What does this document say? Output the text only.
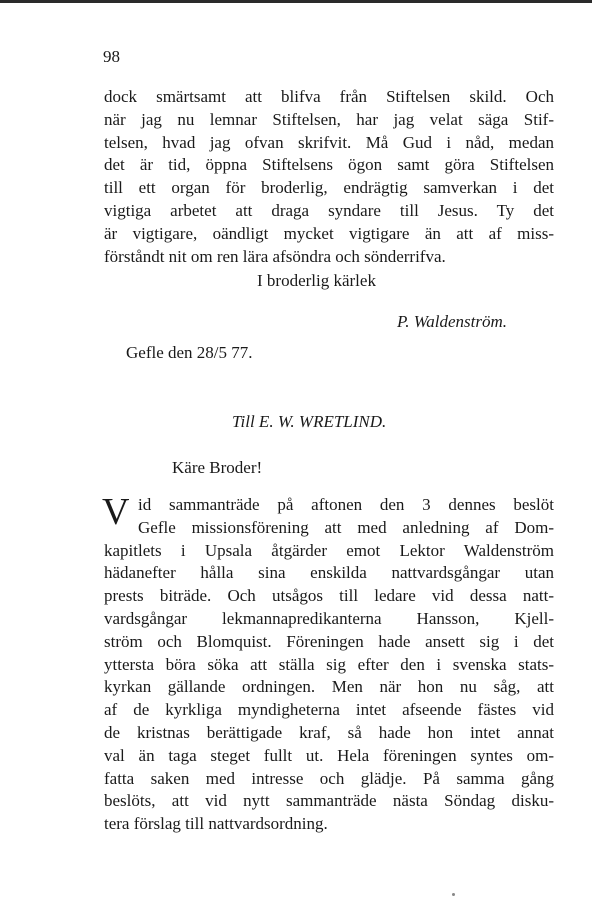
98

dock smärtsamt att blifva från Stiftelsen skild. Och

när jag nu lemnar Stiftelsen, har jag velat säga Stif-

telsen, hvad jag ofvan skrifvit. Må Gud i nåd, medan

det är tid, öppna Stiftelsens ögon samt göra Stiftelsen

till ett organ för broderlig, endrägtig samverkan i det

vigtiga arbetet att draga syndare till Jesus. Ty det

är vigtigare, oändligt mycket vigtigare än att af miss-

förståndt nit om ren lära afsöndra och sönderrifva.

I broderlig kärlek
P. Waldenström.
Gefle den 28/5 77.
Till E. W. WRETLIND.
Käre Broder!
V id sammanträde på aftonen den 3 dennes beslöt

Gefle missionsförening att med anledning af Dom-

kapitlets i Upsala åtgärder emot Lektor Waldenström

hädanefter hålla sina enskilda nattvardsgångar utan

prests biträde. Och utsågos till ledare vid dessa natt-

vardsgångar lekmannapredikanterna Hansson, Kjell-

ström och Blomquist. Föreningen hade ansett sig i det

yttersta böra söka att ställa sig efter den i svenska stats-

kyrkan gällande ordningen. Men när hon nu såg, att

af de kyrkliga myndigheterna intet afseende fästes vid

de kristnas berättigade kraf, så hade hon intet annat

val än taga steget fullt ut. Hela föreningen syntes om-

fatta saken med intresse och glädje. På samma gång

beslöts, att vid nytt sammanträde nästa Söndag disku-

tera förslag till nattvardsordning.
